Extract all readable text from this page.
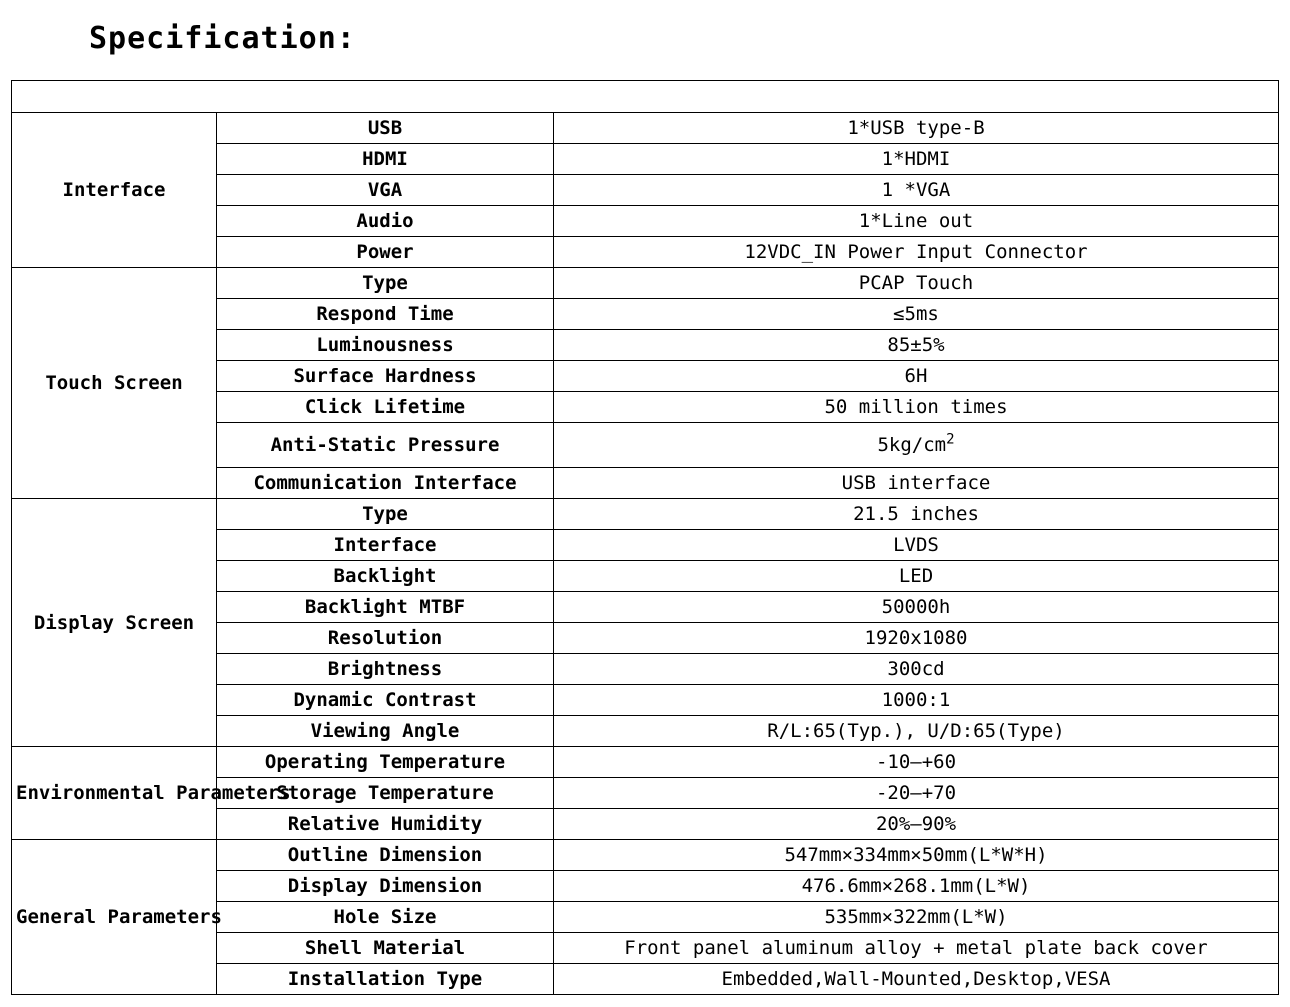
Specification:

Interface	USB	1*USB type-B
	HDMI	1*HDMI
	VGA	1 *VGA
	Audio	1*Line out
	Power	12VDC_IN Power Input Connector
Touch Screen	Type	PCAP Touch
	Respond Time	≤5ms
	Luminousness	85±5%
	Surface Hardness	6H
	Click Lifetime	50 million times
	Anti-Static Pressure	$5kg/cm^2$
	Communication Interface	USB interface
Display Screen	Type	21.5 inches
	Interface	LVDS
	Backlight	LED
	Backlight MTBF	50000h
	Resolution	1920x1080
	Brightness	300cd
	Dynamic Contrast	1000:1
	Viewing Angle	R/L:65(Typ.), U/D:65(Type)
Environmental Parameters	Operating Temperature	-10—+60
	Storage Temperature	-20—+70
	Relative Humidity	20%—90%
General Parameters	Outline Dimension	547mm×334mm×50mm(L*W*H)
	Display Dimension	476.6mm×268.1mm(L*W)
	Hole Size	535mm×322mm(L*W)
	Shell Material	Front panel aluminum alloy + metal plate back cover
	Installation Type	Embedded,Wall-Mounted,Desktop,VESA
